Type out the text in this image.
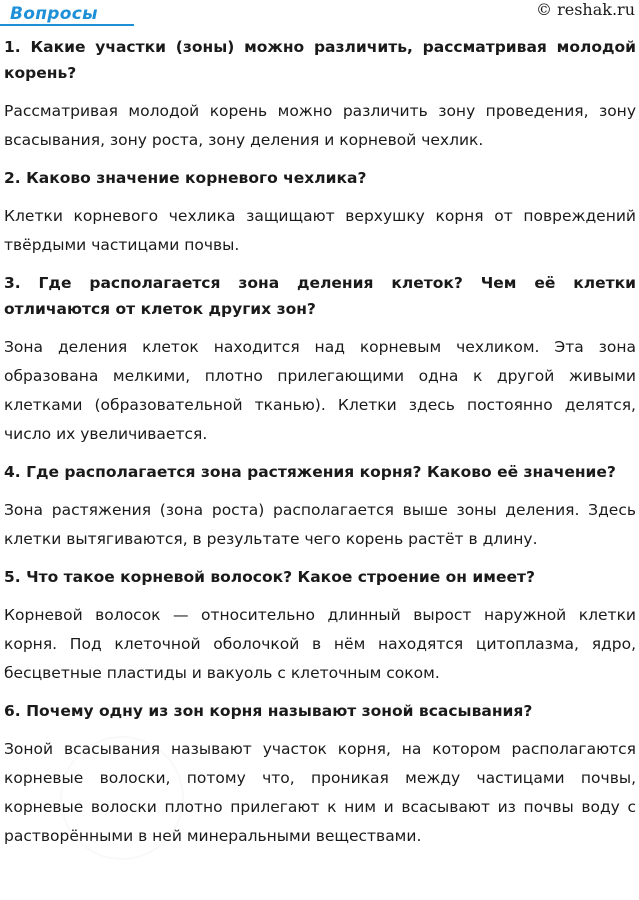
Вопросы	© reshak.ru

1. Какие участки (зоны) можно различить, рассматривая молодой корень?

Рассматривая молодой корень можно различить зону проведения, зону всасывания, зону роста, зону деления и корневой чехлик.

2. Каково значение корневого чехлика?

Клетки корневого чехлика защищают верхушку корня от повреждений твёрдыми частицами почвы.

3. Где располагается зона деления клеток? Чем её клетки отличаются от клеток других зон?

Зона деления клеток находится над корневым чехликом. Эта зона образована мелкими, плотно прилегающими одна к другой живыми клетками (образовательной тканью). Клетки здесь постоянно делятся, число их увеличивается.

4. Где располагается зона растяжения корня? Каково её значение?

Зона растяжения (зона роста) располагается выше зоны деления. Здесь клетки вытягиваются, в результате чего корень растёт в длину.

5. Что такое корневой волосок? Какое строение он имеет?

Корневой волосок — относительно длинный вырост наружной клетки корня. Под клеточной оболочкой в нём находятся цитоплазма, ядро, бесцветные пластиды и вакуоль с клеточным соком.

6. Почему одну из зон корня называют зоной всасывания?

Зоной всасывания называют участок корня, на котором располагаются корневые волоски, потому что, проникая между частицами почвы, корневые волоски плотно прилегают к ним и всасывают из почвы воду с растворёнными в ней минеральными веществами.
